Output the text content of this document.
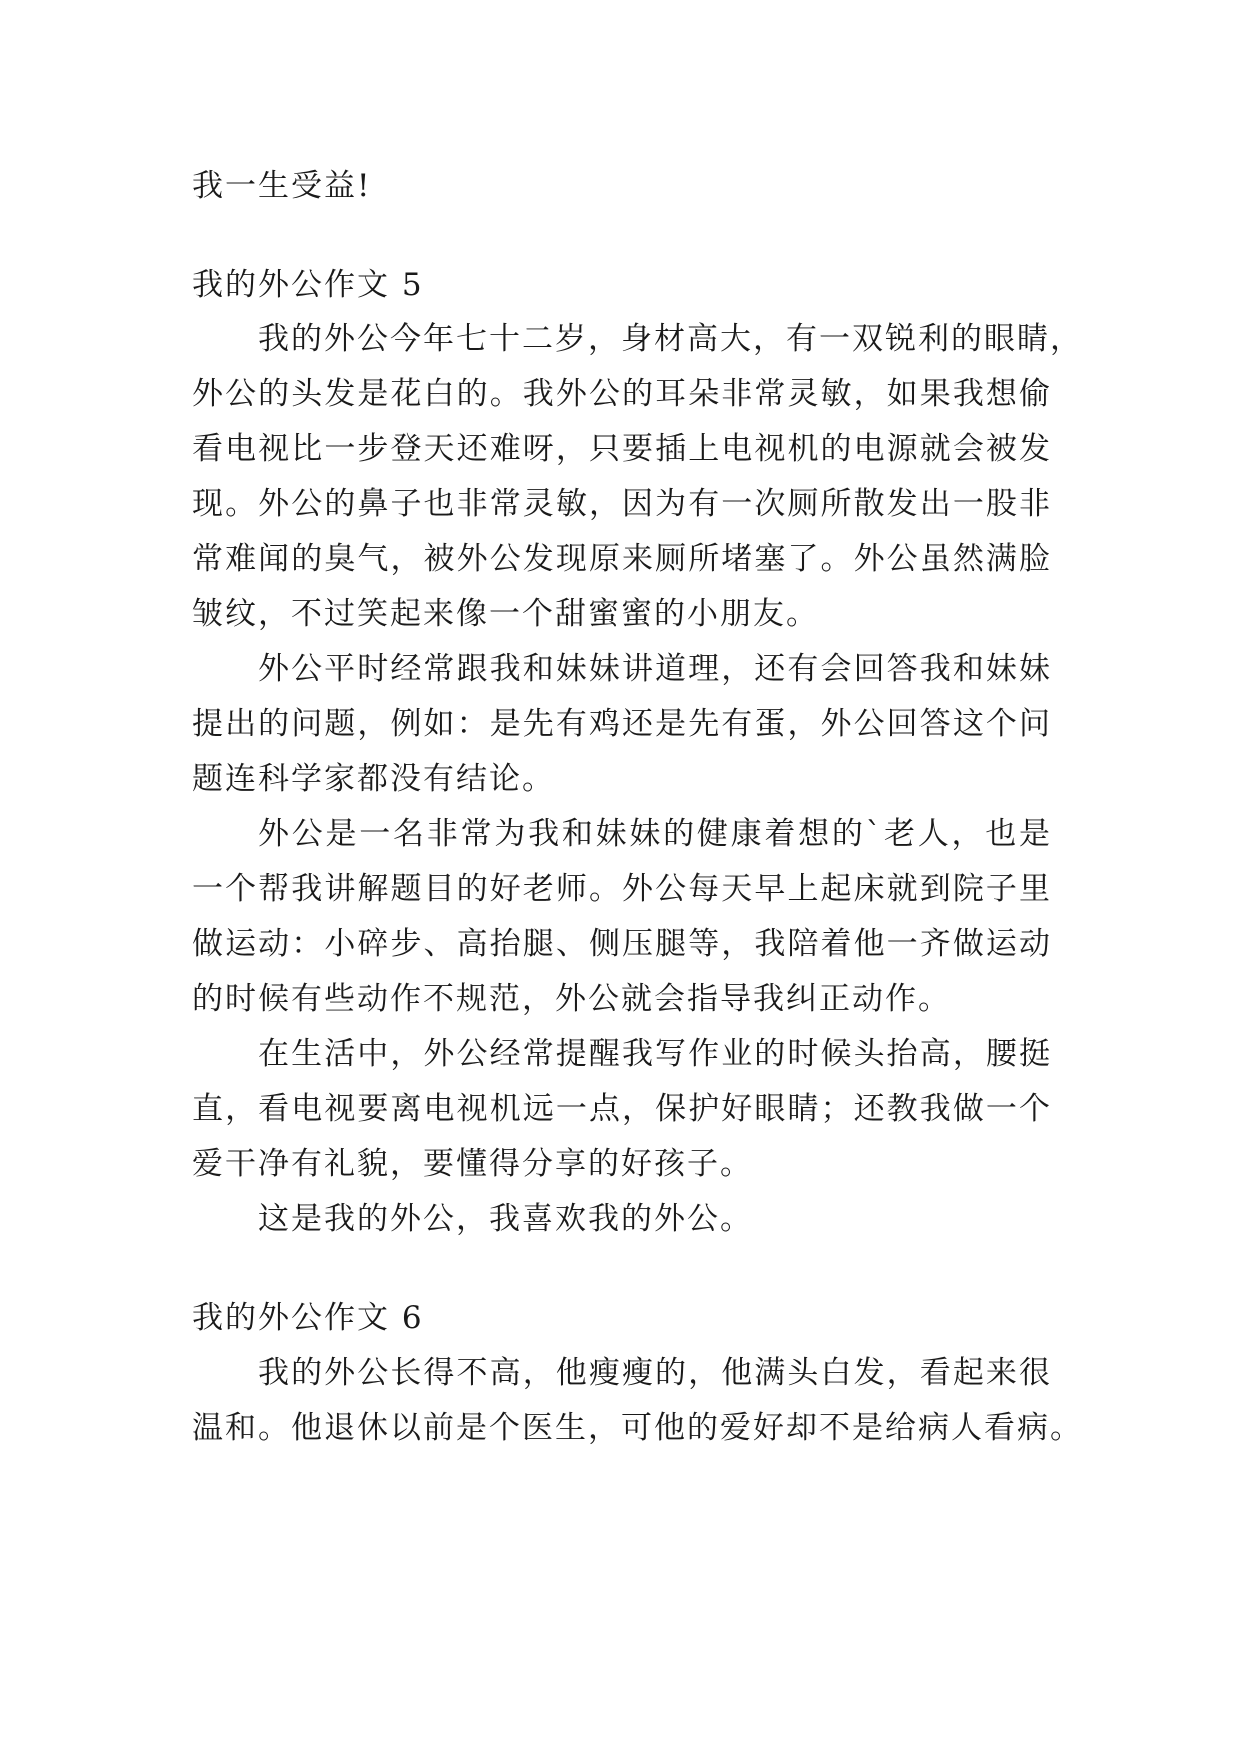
我一生受益!
我的外公作文 5
我的外公今年七十二岁，身材高大，有一双锐利的眼睛，
外公的头发是花白的。我外公的耳朵非常灵敏，如果我想偷
看电视比一步登天还难呀，只要插上电视机的电源就会被发
现。外公的鼻子也非常灵敏，因为有一次厕所散发出一股非
常难闻的臭气，被外公发现原来厕所堵塞了。外公虽然满脸
皱纹，不过笑起来像一个甜蜜蜜的小朋友。
外公平时经常跟我和妹妹讲道理，还有会回答我和妹妹
提出的问题，例如：是先有鸡还是先有蛋，外公回答这个问
题连科学家都没有结论。
外公是一名非常为我和妹妹的健康着想的`老人，也是
一个帮我讲解题目的好老师。外公每天早上起床就到院子里
做运动：小碎步、高抬腿、侧压腿等，我陪着他一齐做运动
的时候有些动作不规范，外公就会指导我纠正动作。
在生活中，外公经常提醒我写作业的时候头抬高，腰挺
直，看电视要离电视机远一点，保护好眼睛；还教我做一个
爱干净有礼貌，要懂得分享的好孩子。
这是我的外公，我喜欢我的外公。
我的外公作文 6
我的外公长得不高，他瘦瘦的，他满头白发，看起来很
温和。他退休以前是个医生，可他的爱好却不是给病人看病。
